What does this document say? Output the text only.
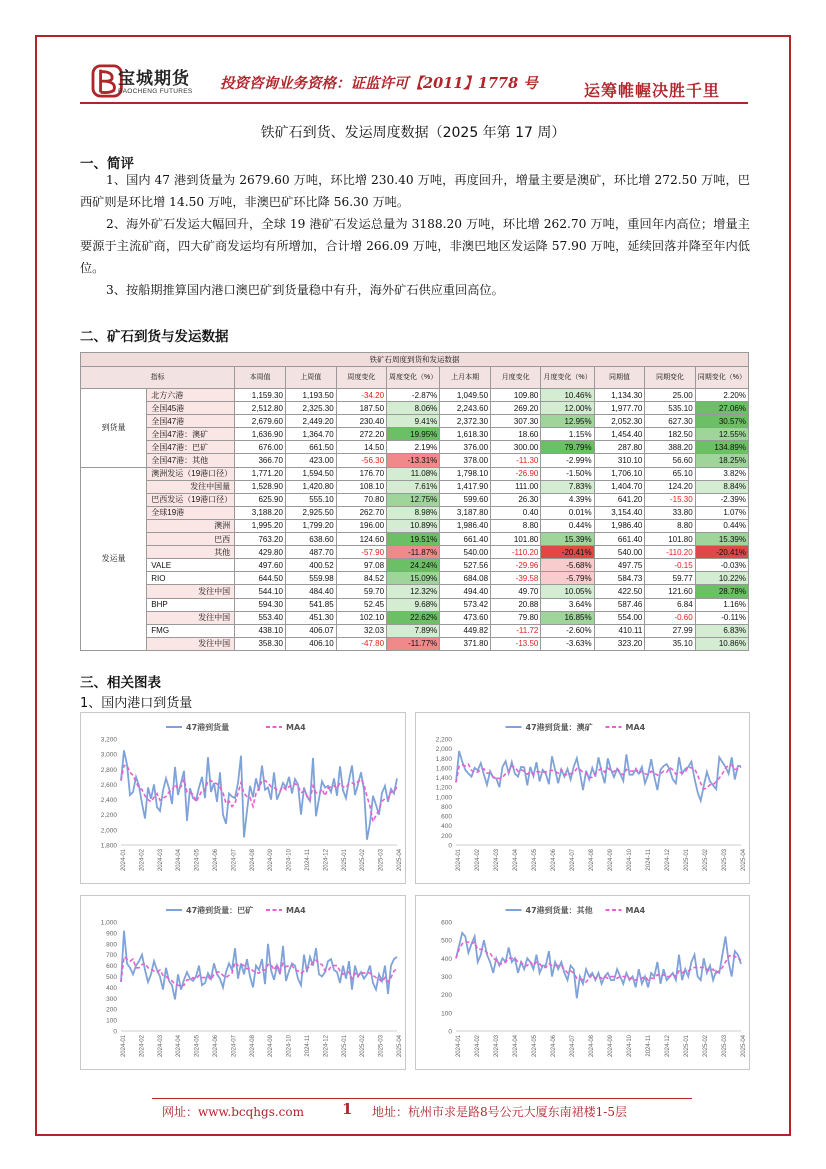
宝城期货
BAOCHENG FUTURES 投资咨询业务资格：证监许可【2011】1778 号	运筹帷幄决胜千里
铁矿石到货、发运周度数据（2025 年第 17 周）
一、简评
1、国内 47 港到货量为 2679.60 万吨，环比增 230.40 万吨，再度回升，增量主要是澳矿，环比增 272.50 万吨，巴西矿则是环比增 14.50 万吨，非澳巴矿环比降 56.30 万吨。
2、海外矿石发运大幅回升，全球 19 港矿石发运总量为 3188.20 万吨，环比增 262.70 万吨，重回年内高位；增量主要源于主流矿商，四大矿商发运均有所增加，合计增 266.09 万吨，非澳巴地区发运降 57.90 万吨，延续回落并降至年内低位。
3、按船期推算国内港口澳巴矿到货量稳中有升，海外矿石供应重回高位。
二、矿石到货与发运数据
铁矿石周度到货和发运数据											
指标		本周值	上周值	周度变化	周度变化（%）	上月本期	月度变化	月度变化（%）	同期值	同期变化	同期变化（%）
到货量	北方六港	1,159.30	1,193.50	-34.20	-2.87%	1,049.50	109.80	10.46%	1,134.30	25.00	2.20%
	全国45港	2,512.80	2,325.30	187.50	8.06%	2,243.60	269.20	12.00%	1,977.70	535.10	27.06%
	全国47港	2,679.60	2,449.20	230.40	9.41%	2,372.30	307.30	12.95%	2,052.30	627.30	30.57%
	全国47港：澳矿	1,636.90	1,364.70	272.20	19.95%	1,618.30	18.60	1.15%	1,454.40	182.50	12.55%
	全国47港：巴矿	676.00	661.50	14.50	2.19%	376.00	300.00	79.79%	287.80	388.20	134.89%
	全国47港：其他	366.70	423.00	-56.30	-13.31%	378.00	-11.30	-2.99%	310.10	56.60	18.25%
发运量	澳洲发运（19港口径）	1,771.20	1,594.50	176.70	11.08%	1,798.10	-26.90	-1.50%	1,706.10	65.10	3.82%
	发往中国量	1,528.90	1,420.80	108.10	7.61%	1,417.90	111.00	7.83%	1,404.70	124.20	8.84%
	巴西发运（19港口径）	625.90	555.10	70.80	12.75%	599.60	26.30	4.39%	641.20	-15.30	-2.39%
	全球19港	3,188.20	2,925.50	262.70	8.98%	3,187.80	0.40	0.01%	3,154.40	33.80	1.07%
	澳洲	1,995.20	1,799.20	196.00	10.89%	1,986.40	8.80	0.44%	1,986.40	8.80	0.44%
	巴西	763.20	638.60	124.60	19.51%	661.40	101.80	15.39%	661.40	101.80	15.39%
	其他	429.80	487.70	-57.90	-11.87%	540.00	-110.20	-20.41%	540.00	-110.20	-20.41%
	VALE	497.60	400.52	97.08	24.24%	527.56	-29.96	-5.68%	497.75	-0.15	-0.03%
	RIO	644.50	559.98	84.52	15.09%	684.08	-39.58	-5.79%	584.73	59.77	10.22%
	发往中国	544.10	484.40	59.70	12.32%	494.40	49.70	10.05%	422.50	121.60	28.78%
	BHP	594.30	541.85	52.45	9.68%	573.42	20.88	3.64%	587.46	6.84	1.16%
	发往中国	553.40	451.30	102.10	22.62%	473.60	79.80	16.85%	554.00	-0.60	-0.11%
	FMG	438.10	406.07	32.03	7.89%	449.82	-11.72	-2.60%	410.11	27.99	6.83%
	发往中国	358.30	406.10	-47.80	-11.77%	371.80	-13.50	-3.63%	323.20	35.10	10.86%
三、相关图表
1、国内港口到货量
1,800
2,000
2,200
2,400
2,600
2,800
3,000
3,200
2024-01 2024-02 2024-03 2024-04 2024-05 2024-06 2024-07 2024-08 2024-09 2024-10 2024-11 2024-12 2025-01 2025-02 2025-03 2025-04
47港到货量	MA4
0
200
400
600
800
1,000
1,200
1,400
1,600
1,800
2,000
2,200
2024-01 2024-02 2024-03 2024-04 2024-05 2024-06 2024-07 2024-08 2024-09 2024-10 2024-11 2024-12 2025-01 2025-02 2025-03 2025-04
47港到货量：澳矿	MA4
0
100
200
300
400
500
600
700
800
900
1,000
2024-01 2024-02 2024-03 2024-04 2024-05 2024-06 2024-07 2024-08 2024-09 2024-10 2024-11 2024-12 2025-01 2025-02 2025-03 2025-04
47港到货量：巴矿	MA4
0
100
200
300
400
500
600
2024-01 2024-02 2024-03 2024-04 2024-05 2024-06 2024-07 2024-08 2024-09 2024-10 2024-11 2024-12 2025-01 2025-02 2025-03 2025-04
47港到货量：其他	MA4
网址：www.bcqhgs.com	1 地址：杭州市求是路8号公元大厦东南裙楼1-5层
